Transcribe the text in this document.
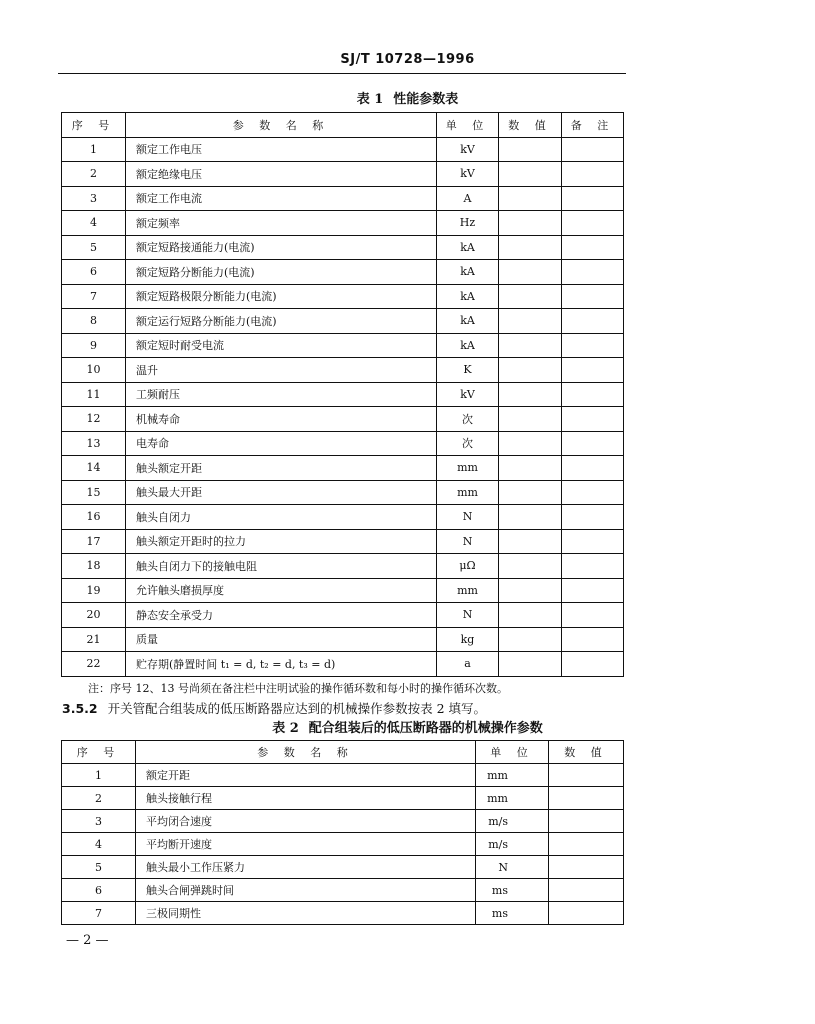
SJ/T 10728—1996
表 1 性能参数表
序 号	参 数 名 称	单 位	数 值	备 注
1	额定工作电压	kV		
2	额定绝缘电压	kV		
3	额定工作电流	A		
4	额定频率	Hz		
5	额定短路接通能力(电流)	kA		
6	额定短路分断能力(电流)	kA		
7	额定短路极限分断能力(电流)	kA		
8	额定运行短路分断能力(电流)	kA		
9	额定短时耐受电流	kA		
10	温升	K		
11	工频耐压	kV		
12	机械寿命	次		
13	电寿命	次		
14	触头额定开距	mm		
15	触头最大开距	mm		
16	触头自闭力	N		
17	触头额定开距时的拉力	N		
18	触头自闭力下的接触电阻	μΩ		
19	允许触头磨损厚度	mm		
20	静态安全承受力	N		
21	质量	kg		
22	贮存期(静置时间 t₁ = d, t₂ = d, t₃ = d)	a		
注：序号 12、13 号尚须在备注栏中注明试验的操作循环数和每小时的操作循环次数。
3.5.2 开关管配合组装成的低压断路器应达到的机械操作参数按表 2 填写。
表 2 配合组装后的低压断路器的机械操作参数
序 号	参 数 名 称	单 位	数 值
1	额定开距	mm	
2	触头接触行程	mm	
3	平均闭合速度	m/s	
4	平均断开速度	m/s	
5	触头最小工作压紧力	N	
6	触头合闸弹跳时间	ms	
7	三极同期性	ms	
— 2 —
